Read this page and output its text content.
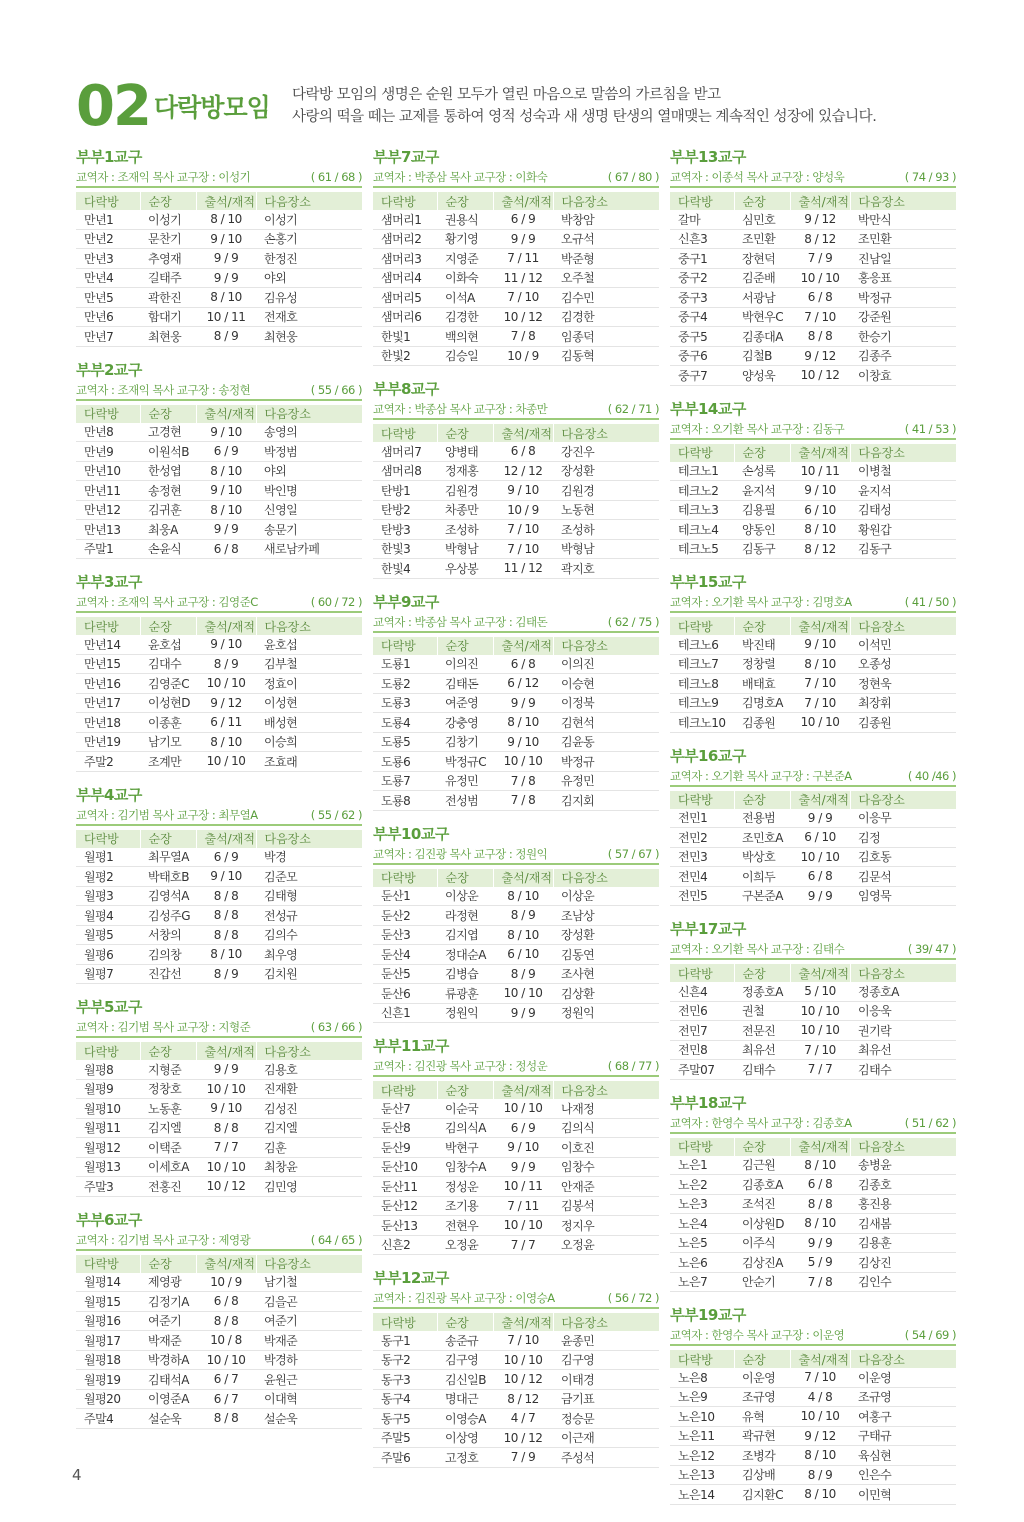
02 다락방모임 다락방 모임의 생명은 순원 모두가 열린 마음으로 말씀의 가르침을 받고
사랑의 떡을 떼는 교제를 통하여 영적 성숙과 새 생명 탄생의 열매맺는 계속적인 성장에 있습니다.
부부1교구
교역자 : 조재익 목사 교구장 : 이성기	( 61 / 68 )
다락방	순장	출석/재적	다음장소
만년1	이성기	8 / 10	이성기
만년2	문찬기	9 / 10	손홍기
만년3	추영재	9 / 9	한정진
만년4	길태주	9 / 9	야외
만년5	곽한진	8 / 10	김유성
만년6	함대기	10 / 11	전재호
만년7	최현웅	8 / 9	최현웅
부부2교구
교역자 : 조재익 목사 교구장 : 송정현	( 55 / 66 )
다락방	순장	출석/재적	다음장소
만년8	고경현	9 / 10	송영의
만년9	이원석B	6 / 9	박정범
만년10	한성엽	8 / 10	야외
만년11	송정현	9 / 10	박인명
만년12	김귀훈	8 / 10	신영일
만년13	최웅A	9 / 9	송문기
주말1	손윤식	6 / 8	새로남카페
부부3교구
교역자 : 조재익 목사 교구장 : 김영준C	( 60 / 72 )
다락방	순장	출석/재적	다음장소
만년14	윤호섭	9 / 10	윤호섭
만년15	김대수	8 / 9	김부철
만년16	김영준C	10 / 10	정효이
만년17	이성현D	9 / 12	이성현
만년18	이종훈	6 / 11	배성현
만년19	남기모	8 / 10	이승희
주말2	조계만	10 / 10	조효래
부부4교구
교역자 : 김기범 목사 교구장 : 최무열A	( 55 / 62 )
다락방	순장	출석/재적	다음장소
월평1	최무열A	6 / 9	박경
월평2	박태호B	9 / 10	김준모
월평3	김영석A	8 / 8	김태형
월평4	김성주G	8 / 8	전성규
월평5	서창의	8 / 8	김의수
월평6	김의창	8 / 10	최우영
월평7	진갑선	8 / 9	김치원
부부5교구
교역자 : 김기범 목사 교구장 : 지형준	( 63 / 66 )
다락방	순장	출석/재적	다음장소
월평8	지형준	9 / 9	김용호
월평9	정창호	10 / 10	진재환
월평10	노동훈	9 / 10	김성진
월평11	김지엘	8 / 8	김지엘
월평12	이택준	7 / 7	김훈
월평13	이세호A	10 / 10	최창윤
주말3	전홍진	10 / 12	김민영
부부6교구
교역자 : 김기범 목사 교구장 : 제영광	( 64 / 65 )
다락방	순장	출석/재적	다음장소
월평14	제영광	10 / 9	남기철
월평15	김정기A	6 / 8	김을곤
월평16	여준기	8 / 8	여준기
월평17	박재준	10 / 8	박재준
월평18	박경하A	10 / 10	박경하
월평19	김태석A	6 / 7	윤원근
월평20	이영준A	6 / 7	이대혁
주말4	설순욱	8 / 8	설순욱
부부7교구
교역자 : 박종삼 목사 교구장 : 이화숙	( 67 / 80 )
다락방	순장	출석/재적	다음장소
샘머리1	권용식	6 / 9	박창암
샘머리2	황기영	9 / 9	오규석
샘머리3	지영준	7 / 11	박준형
샘머리4	이화숙	11 / 12	오주철
샘머리5	이석A	7 / 10	김수민
샘머리6	김경한	10 / 12	김경한
한빛1	백의현	7 / 8	임종덕
한빛2	김승일	10 / 9	김동혁
부부8교구
교역자 : 박종삼 목사 교구장 : 차종만	( 62 / 71 )
다락방	순장	출석/재적	다음장소
샘머리7	양병태	6 / 8	강진우
샘머리8	정재홍	12 / 12	장성환
탄방1	김원경	9 / 10	김원경
탄방2	차종만	10 / 9	노동현
탄방3	조성하	7 / 10	조성하
한빛3	박형남	7 / 10	박형남
한빛4	우상봉	11 / 12	곽지호
부부9교구
교역자 : 박종삼 목사 교구장 : 김태돈	( 62 / 75 )
다락방	순장	출석/재적	다음장소
도룡1	이의진	6 / 8	이의진
도룡2	김태돈	6 / 12	이승현
도룡3	여준영	9 / 9	이정북
도룡4	강충영	8 / 10	김현석
도룡5	김창기	9 / 10	김윤동
도룡6	박정규C	10 / 10	박정규
도룡7	유정민	7 / 8	유정민
도룡8	전성범	7 / 8	김지회
부부10교구
교역자 : 김진광 목사 교구장 : 정원익	( 57 / 67 )
다락방	순장	출석/재적	다음장소
둔산1	이상운	8 / 10	이상운
둔산2	라정현	8 / 9	조남상
둔산3	김지엽	8 / 10	장성환
둔산4	정대순A	6 / 10	김동연
둔산5	김병습	8 / 9	조사현
둔산6	류광훈	10 / 10	김상환
신흔1	정원익	9 / 9	정원익
부부11교구
교역자 : 김진광 목사 교구장 : 정성운	( 68 / 77 )
다락방	순장	출석/재적	다음장소
둔산7	이순국	10 / 10	나재정
둔산8	김의식A	6 / 9	김의식
둔산9	박현구	9 / 10	이호진
둔산10	임창수A	9 / 9	임창수
둔산11	정성운	10 / 11	안재준
둔산12	조기용	7 / 11	김봉석
둔산13	전현우	10 / 10	정지우
신흔2	오정윤	7 / 7	오정윤
부부12교구
교역자 : 김진광 목사 교구장 : 이영승A	( 56 / 72 )
다락방	순장	출석/재적	다음장소
동구1	송준규	7 / 10	윤종민
동구2	김구영	10 / 10	김구영
동구3	김신일B	10 / 12	이태경
동구4	명대근	8 / 12	금기표
동구5	이영승A	4 / 7	정승문
주말5	이상영	10 / 12	이근재
주말6	고정호	7 / 9	주성석
부부13교구
교역자 : 이종석 목사 교구장 : 양성욱	( 74 / 93 )
다락방	순장	출석/재적	다음장소
갈마	심민호	9 / 12	박만식
신흔3	조민환	8 / 12	조민환
중구1	장현덕	7 / 9	진남일
중구2	김준배	10 / 10	홍응표
중구3	서광남	6 / 8	박정규
중구4	박현우C	7 / 10	강준원
중구5	김종대A	8 / 8	한승기
중구6	김철B	9 / 12	김종주
중구7	양성욱	10 / 12	이창효
부부14교구
교역자 : 오기환 목사 교구장 : 김동구	( 41 / 53 )
다락방	순장	출석/재적	다음장소
테크노1	손성록	10 / 11	이병철
테크노2	윤지석	9 / 10	윤지석
테크노3	김용필	6 / 10	김태성
테크노4	양동인	8 / 10	황원갑
테크노5	김동구	8 / 12	김동구
부부15교구
교역자 : 오기환 목사 교구장 : 김명호A	( 41 / 50 )
다락방	순장	출석/재적	다음장소
테크노6	박진태	9 / 10	이석민
테크노7	정창렬	8 / 10	오종성
테크노8	배태효	7 / 10	정현욱
테크노9	김명호A	7 / 10	최장휘
테크노10	김종원	10 / 10	김종원
부부16교구
교역자 : 오기환 목사 교구장 : 구본준A	( 40 /46 )
다락방	순장	출석/재적	다음장소
전민1	전용범	9 / 9	이응무
전민2	조민호A	6 / 10	김정
전민3	박상호	10 / 10	김호동
전민4	이희두	6 / 8	김문석
전민5	구본준A	9 / 9	임영묵
부부17교구
교역자 : 오기환 목사 교구장 : 김태수	( 39/ 47 )
다락방	순장	출석/재적	다음장소
신흔4	정종호A	5 / 10	정종호A
전민6	권철	10 / 10	이응욱
전민7	전문진	10 / 10	권기락
전민8	최유선	7 / 10	최유선
주말07	김태수	7 / 7	김태수
부부18교구
교역자 : 한영수 목사 교구장 : 김종호A	( 51 / 62 )
다락방	순장	출석/재적	다음장소
노은1	김근원	8 / 10	송병윤
노은2	김종호A	6 / 8	김종호
노은3	조석진	8 / 8	홍진용
노은4	이상원D	8 / 10	김새봄
노은5	이주식	9 / 9	김용훈
노은6	김상진A	5 / 9	김상진
노은7	안순기	7 / 8	김인수
부부19교구
교역자 : 한영수 목사 교구장 : 이운영	( 54 / 69 )
다락방	순장	출석/재적	다음장소
노은8	이운영	7 / 10	이운영
노은9	조규영	4 / 8	조규영
노은10	유혁	10 / 10	여홍구
노은11	곽규현	9 / 12	구태규
노은12	조병각	8 / 10	육심현
노은13	김상배	8 / 9	인은수
노은14	김지환C	8 / 10	이민혁
4
